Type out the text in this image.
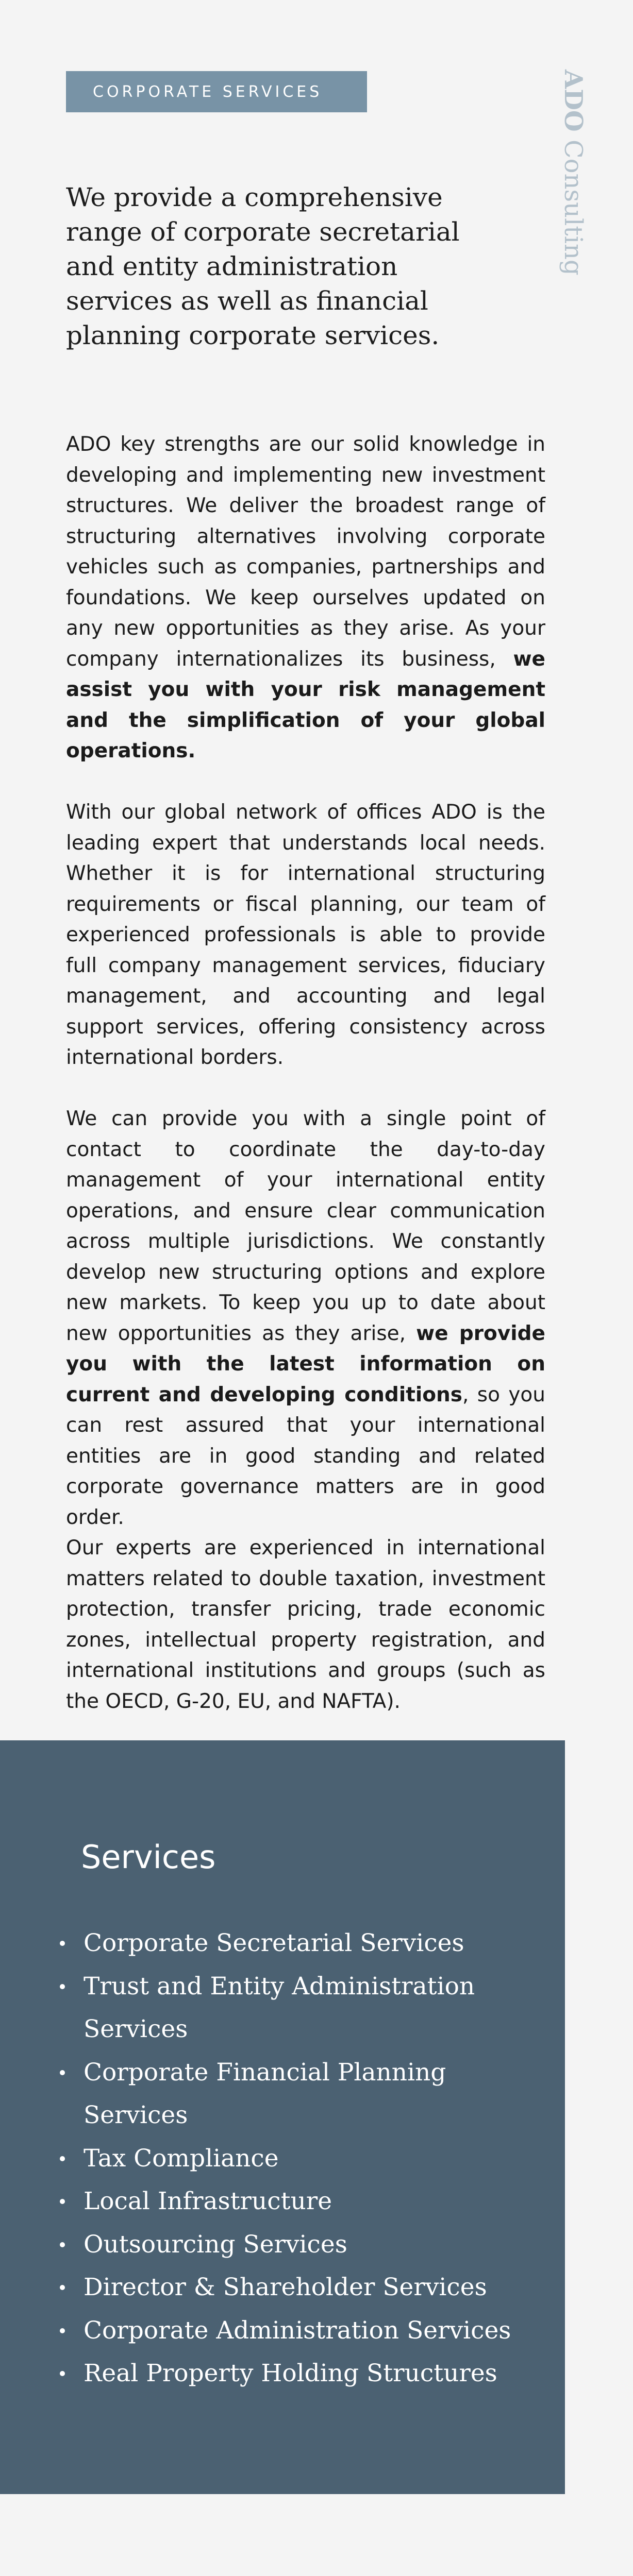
CORPORATE SERVICES	ADO Consulting

We provide a comprehensive range of corporate secretarial and entity administration services as well as financial planning corporate services.

ADO key strengths are our solid knowledge in developing and implementing new investment structures. We deliver the broadest range of structuring alternatives involving corporate vehicles such as companies, partnerships and foundations. We keep ourselves updated on any new opportunities as they arise. As your company internationalizes its business, we assist you with your risk management and the simplification of your global operations.

With our global network of offices ADO is the leading expert that understands local needs. Whether it is for international structuring requirements or fiscal planning, our team of experienced professionals is able to provide full company management services, fiduciary management, and accounting and legal support services, offering consistency across international borders.

We can provide you with a single point of contact to coordinate the day-to-day management of your international entity operations, and ensure clear communication across multiple jurisdictions. We constantly develop new structuring options and explore new markets. To keep you up to date about new opportunities as they arise, we provide you with the latest information on current and developing conditions, so you can rest assured that your international entities are in good standing and related corporate governance matters are in good order.

Our experts are experienced in international matters related to double taxation, investment protection, transfer pricing, trade economic zones, intellectual property registration, and international institutions and groups (such as the OECD, G-20, EU, and NAFTA).

Services
Corporate Secretarial Services
Trust and Entity Administration Services
Corporate Financial Planning Services
Tax Compliance
Local Infrastructure
Outsourcing Services
Director & Shareholder Services
Corporate Administration Services
Real Property Holding Structures
